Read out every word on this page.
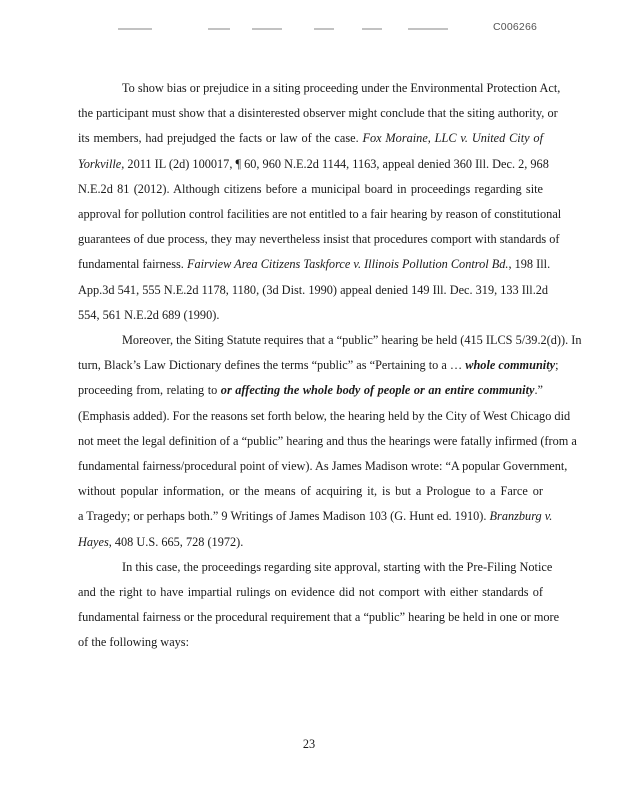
C006266
To show bias or prejudice in a siting proceeding under the Environmental Protection Act,
the participant must show that a disinterested observer might conclude that the siting authority, or
its members, had prejudged the facts or law of the case. Fox Moraine, LLC v. United City of
Yorkville, 2011 IL (2d) 100017, ¶ 60, 960 N.E.2d 1144, 1163, appeal denied 360 Ill. Dec. 2, 968
N.E.2d 81 (2012). Although citizens before a municipal board in proceedings regarding site
approval for pollution control facilities are not entitled to a fair hearing by reason of constitutional
guarantees of due process, they may nevertheless insist that procedures comport with standards of
fundamental fairness. Fairview Area Citizens Taskforce v. Illinois Pollution Control Bd., 198 Ill.
App.3d 541, 555 N.E.2d 1178, 1180, (3d Dist. 1990) appeal denied 149 Ill. Dec. 319, 133 Ill.2d
554, 561 N.E.2d 689 (1990).
Moreover, the Siting Statute requires that a “public” hearing be held (415 ILCS 5/39.2(d)). In
turn, Black’s Law Dictionary defines the terms “public” as “Pertaining to a … whole community;
proceeding from, relating to or affecting the whole body of people or an entire community.”
(Emphasis added). For the reasons set forth below, the hearing held by the City of West Chicago did
not meet the legal definition of a “public” hearing and thus the hearings were fatally infirmed (from a
fundamental fairness/procedural point of view). As James Madison wrote: “A popular Government,
without popular information, or the means of acquiring it, is but a Prologue to a Farce or
a Tragedy; or perhaps both.” 9 Writings of James Madison 103 (G. Hunt ed. 1910). Branzburg v.
Hayes, 408 U.S. 665, 728 (1972).
In this case, the proceedings regarding site approval, starting with the Pre-Filing Notice
and the right to have impartial rulings on evidence did not comport with either standards of
fundamental fairness or the procedural requirement that a “public” hearing be held in one or more
of the following ways:
23
